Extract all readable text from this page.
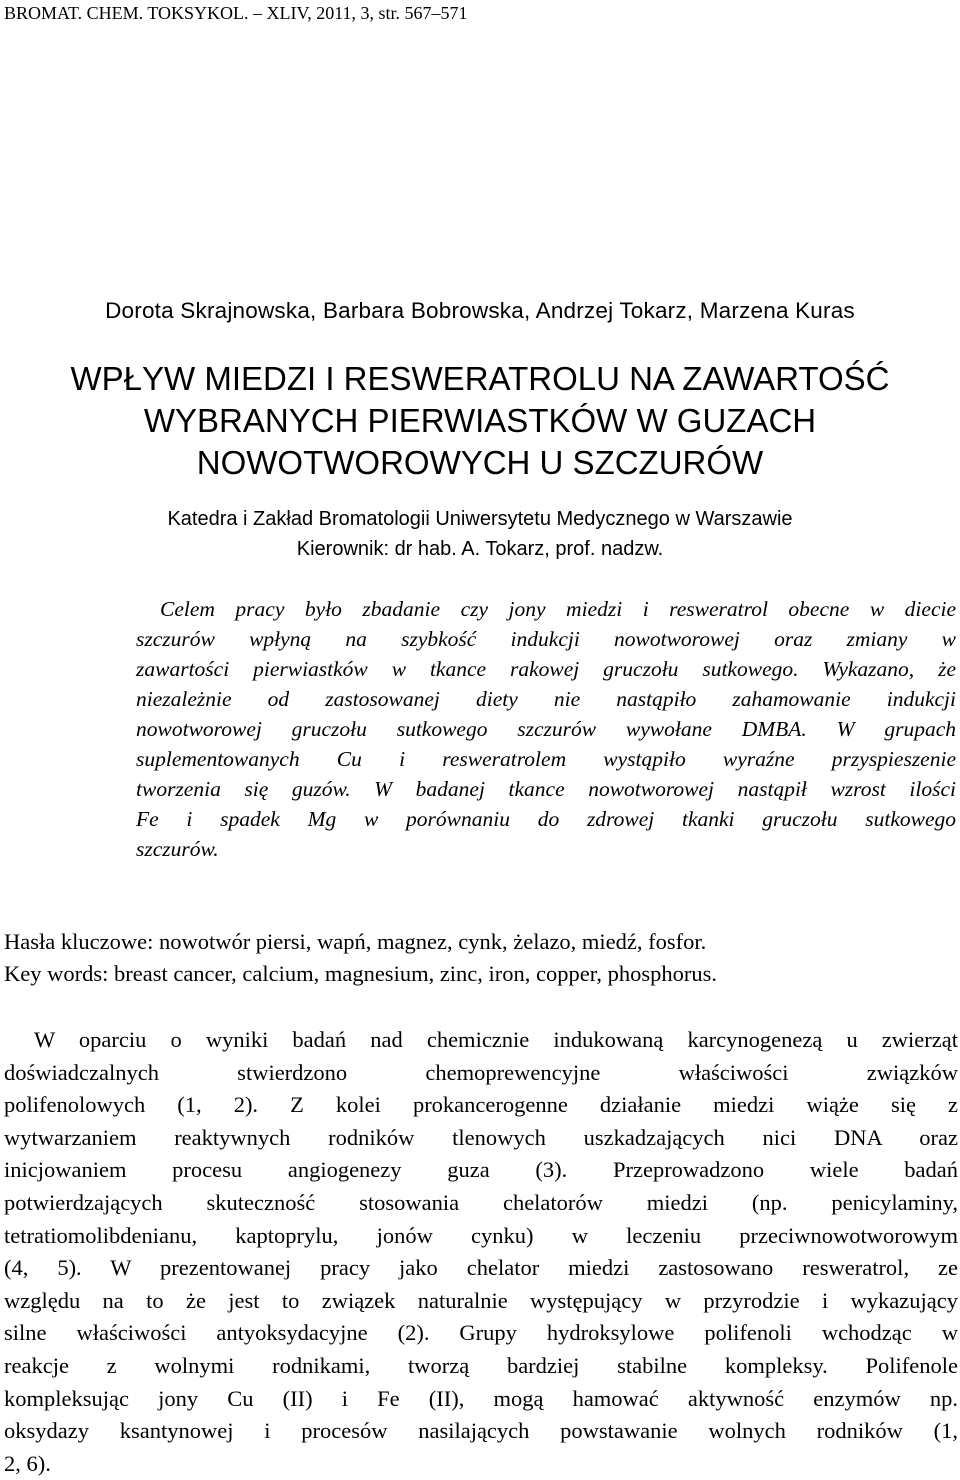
BROMAT. CHEM. TOKSYKOL. – XLIV, 2011, 3, str. 567–571
Dorota Skrajnowska, Barbara Bobrowska, Andrzej Tokarz, Marzena Kuras
WPŁYW MIEDZI I RESWERATROLU NA ZAWARTOŚĆ
WYBRANYCH PIERWIASTKÓW W GUZACH
NOWOTWOROWYCH U SZCZURÓW
Katedra i Zakład Bromatologii Uniwersytetu Medycznego w Warszawie
Kierownik: dr hab. A. Tokarz, prof. nadzw.
Celem pracy było zbadanie czy jony miedzi i resweratrol obecne w diecie
szczurów wpłyną na szybkość indukcji nowotworowej oraz zmiany w
zawartości pierwiastków w tkance rakowej gruczołu sutkowego. Wykazano, że
niezależnie od zastosowanej diety nie nastąpiło zahamowanie indukcji
nowotworowej gruczołu sutkowego szczurów wywołane DMBA. W grupach
suplementowanych Cu i resweratrolem wystąpiło wyraźne przyspieszenie
tworzenia się guzów. W badanej tkance nowotworowej nastąpił wzrost ilości
Fe i spadek Mg w porównaniu do zdrowej tkanki gruczołu sutkowego
szczurów.
Hasła kluczowe: nowotwór piersi, wapń, magnez, cynk, żelazo, miedź, fosfor.
Key words: breast cancer, calcium, magnesium, zinc, iron, copper, phosphorus.
W oparciu o wyniki badań nad chemicznie indukowaną karcynogenezą u zwierząt
doświadczalnych stwierdzono chemoprewencyjne właściwości związków
polifenolowych (1, 2). Z kolei prokancerogenne działanie miedzi wiąże się z
wytwarzaniem reaktywnych rodników tlenowych uszkadzających nici DNA oraz
inicjowaniem procesu angiogenezy guza (3). Przeprowadzono wiele badań
potwierdzających skuteczność stosowania chelatorów miedzi (np. penicylaminy,
tetratiomolibdenianu, kaptoprylu, jonów cynku) w leczeniu przeciwnowotworowym
(4, 5). W prezentowanej pracy jako chelator miedzi zastosowano resweratrol, ze
względu na to że jest to związek naturalnie występujący w przyrodzie i wykazujący
silne właściwości antyoksydacyjne (2). Grupy hydroksylowe polifenoli wchodząc w
reakcje z wolnymi rodnikami, tworzą bardziej stabilne kompleksy. Polifenole
kompleksując jony Cu (II) i Fe (II), mogą hamować aktywność enzymów np.
oksydazy ksantynowej i procesów nasilających powstawanie wolnych rodników (1,
2, 6).
